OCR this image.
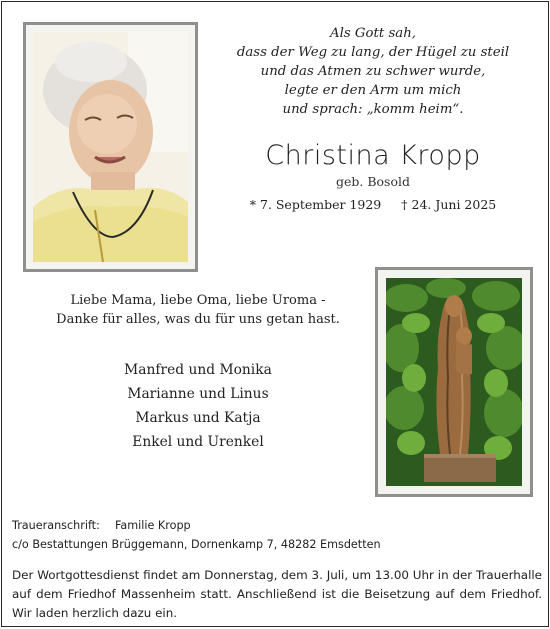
Als Gott sah,
dass der Weg zu lang, der Hügel zu steil
und das Atmen zu schwer wurde,
legte er den Arm um mich
und sprach: „komm heim“.
Christina Kropp
geb. Bosold
* 7. September 1929 † 24. Juni 2025
Liebe Mama, liebe Oma, liebe Uroma -
Danke für alles, was du für uns getan hast.
Manfred und Monika
Marianne und Linus
Markus und Katja
Enkel und Urenkel
Traueranschrift: Familie Kropp
c/o Bestattungen Brüggemann, Dornenkamp 7, 48282 Emsdetten
Der Wortgottesdienst findet am Donnerstag, dem 3. Juli, um 13.00 Uhr in der Trauerhalle auf dem Friedhof Massenheim statt. Anschließend ist die Beisetzung auf dem Friedhof. Wir laden herzlich dazu ein.
